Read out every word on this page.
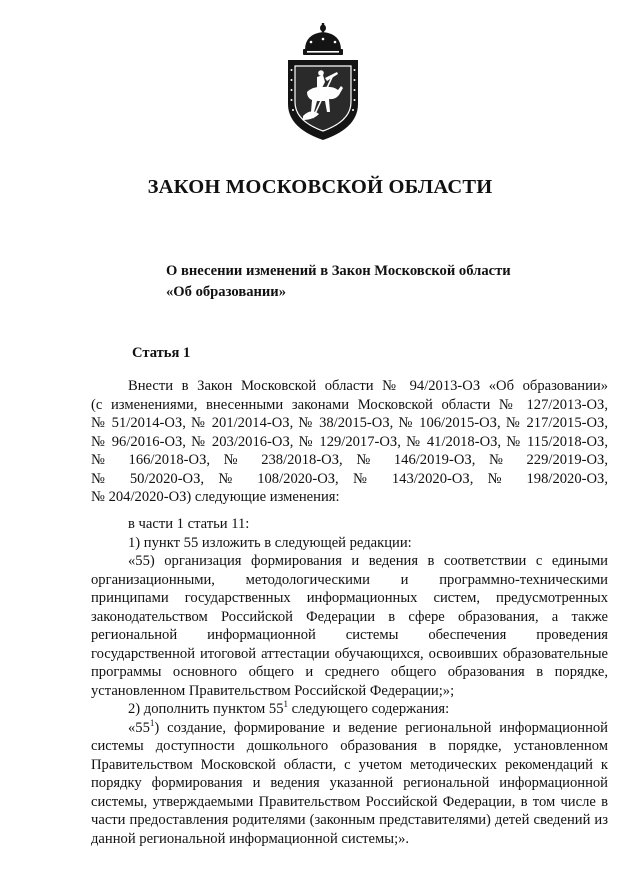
ЗАКОН МОСКОВСКОЙ ОБЛАСТИ
О внесении изменений в Закон Московской области
«Об образовании»
Статья 1
Внести в Закон Московской области № 94/2013-ОЗ «Об образовании»
(с изменениями, внесенными законами Московской области № 127/2013-ОЗ,
№ 51/2014-ОЗ, № 201/2014-ОЗ, № 38/2015-ОЗ, № 106/2015-ОЗ, № 217/2015-ОЗ,
№ 96/2016-ОЗ, № 203/2016-ОЗ, № 129/2017-ОЗ, № 41/2018-ОЗ, № 115/2018-ОЗ,
№ 166/2018-ОЗ, № 238/2018-ОЗ, № 146/2019-ОЗ, № 229/2019-ОЗ,
№ 50/2020-ОЗ, № 108/2020-ОЗ, № 143/2020-ОЗ, № 198/2020-ОЗ,
№ 204/2020-ОЗ) следующие изменения:

в части 1 статьи 11:

1) пункт 55 изложить в следующей редакции:

«55) организация формирования и ведения в соответствии с едиными организационными, методологическими и программно-техническими принципами государственных информационных систем, предусмотренных законодательством Российской Федерации в сфере образования, а также региональной информационной системы обеспечения проведения государственной итоговой аттестации обучающихся, освоивших образовательные программы основного общего и среднего общего образования в порядке, установленном Правительством Российской Федерации;»;

2) дополнить пунктом $55^1$ следующего содержания:

«$55^1$) создание, формирование и ведение региональной информационной системы доступности дошкольного образования в порядке, установленном Правительством Московской области, с учетом методических рекомендаций к порядку формирования и ведения указанной региональной информационной системы, утверждаемыми Правительством Российской Федерации, в том числе в части предоставления родителями (законным представителями) детей сведений из данной региональной информационной системы;».
